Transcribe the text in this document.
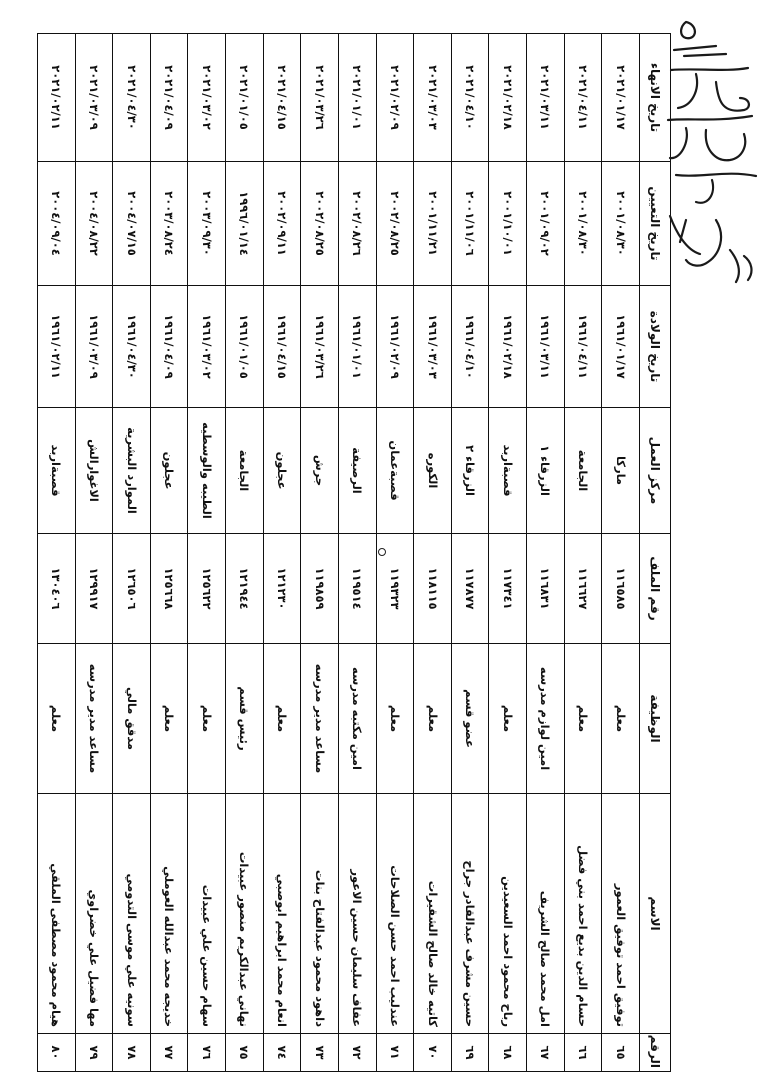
الرقم	الاسم	الوظيفة	رقم الملف	مركز العمل	تاريخ الولادة	تاريخ التعيين	تاريخ الانهاء
٦٥	توفيق احمد توفيق العمور	معلم	١١٦٥٨٥	ماركا	١٩٦١/٠١/١٧	٢٠٠١/٠٨/٣٠	٢٠٢١/٠١/١٧
٦٦	حسام الدين بديع احمد بني فضل	معلم	١١٦٦٢٧	الجامعة	١٩٦١/٠٤/١١	٢٠٠١/٠٨/٣٠	٢٠٢١/٠٤/١١
٦٧	امل محمد صالح الشريف	امين لوازم مدرسه	١١٦٨٣١	الزرقاء ١	١٩٦١/٠٣/١١	٢٠٠١/٠٩/٠٢	٢٠٢١/٠٣/١١
٦٨	رباح محمود احمد السعيدين	معلم	١١٧٣٤١	قصبةاربد	١٩٦١/٠٢/١٨	٢٠٠١/١٠/٠١	٢٠٢١/٠٢/١٨
٦٩	حسين مشرف عبدالقادر جراح	عضو قسم	١١٧٨٧٧	الزرقاء ٢	١٩٦١/٠٤/١٠	٢٠٠١/١١/٠٦	٢٠٢١/٠٤/١٠
٧٠	كاتيه خالد صالح الشقيرات	معلم	١١٨١١٥	الكوره	١٩٦١/٠٣/٠٣	٢٠٠١/١١/٢١	٢٠٢١/٠٣/٠٣
٧١	عندليب احمد حسن الصلاحات	معلم	١١٩٣٢٣	قصبةعمان	١٩٦١/٠٢/٠٩	٢٠٠٢/٠٨/٢٥	٢٠٢١/٠٢/٠٩
٧٢	عفاف سليمان حسين الاعور	امين مكتبه مدرسه	١١٩٥١٤	الرصيفة	١٩٦١/٠١/٠١	٢٠٠٢/٠٨/٢٦	٢٠٢١/٠١/٠١
٧٣	داهود محمود عبدالفتاح بنات	مساعد مدير مدرسه	١١٩٨٥٩	جرش	١٩٦١/٠٣/٢٦	٢٠٠٢/٠٨/٢٥	٢٠٢١/٠٣/٢٦
٧٤	انعام محمد ابراهيم ابوصبي	معلم	١٢١٢٣٠	عجلون	١٩٦١/٠٤/١٥	٢٠٠٢/٠٩/١١	٢٠٢١/٠٤/١٥
٧٥	نهاني عبدالكريم منصور عبيدات	رئيس قسم	١٢١٩٤٤	الجامعة	١٩٦١/٠١/٠٥	١٩٩٦/٠١/١٤	٢٠٢١/٠١/٠٥
٧٦	سهام حسين علي عبيدات	معلم	١٢٥٦٢٢	الطيبه والوسطيه	١٩٦١/٠٣/٠٢	٢٠٠٣/٠٩/٣٠	٢٠٢١/٠٣/٠٢
٧٧	خديجه محمد عبدالله العوملي	معلم	١٢٥٦٦٨	عجلون	١٩٦١/٠٤/٠٩	٢٠٠٣/٠٨/٢٤	٢٠٢١/٠٤/٠٩
٧٨	سونيه علي موسى التدومي	مدقق مالي	١٢٦٥٠٦	الموارد البشرية	١٩٦١/٠٤/٣٠	٢٠٠٤/٠٧/١٥	٢٠٢١/٠٤/٣٠
٧٩	مها فضيل علي خضراوي	مساعد مدير مدرسه	١٢٩٩١٧	الاغوارالش	١٩٦١/٠٣/٠٩	٢٠٠٤/٠٨/٢٢	٢٠٢١/٠٣/٠٩
٨٠	هيام محمود مصطفى الملقي	معلم	١٣٠٤٠٦	قصبةاربد	١٩٦١/٠٢/١١	٢٠٠٤/٠٩/٠٤	٢٠٢١/٠٢/١١
